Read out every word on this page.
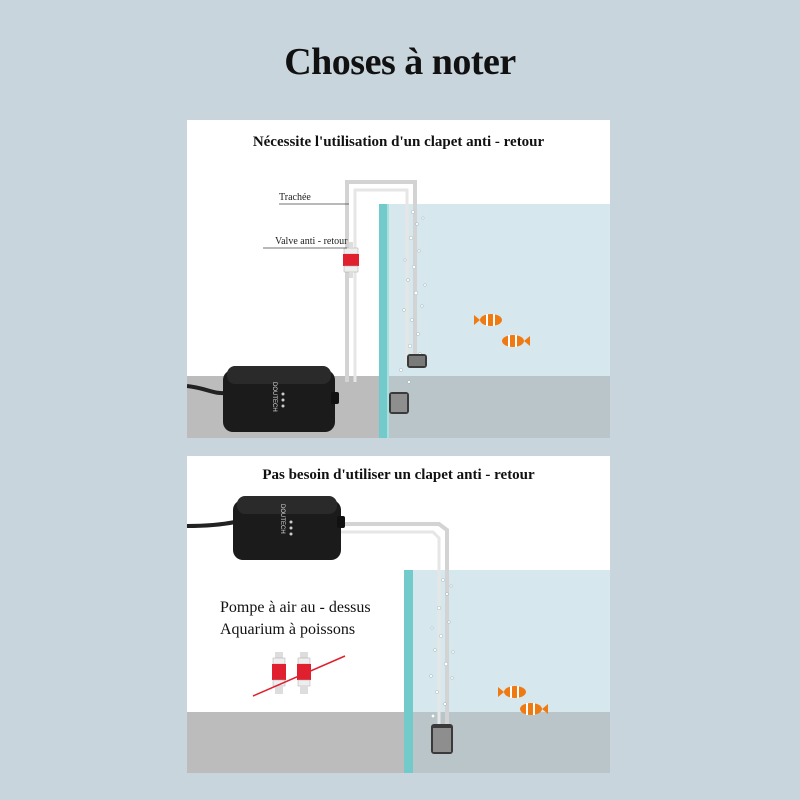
Choses à noter
DOUTECH
Nécessite l'utilisation d'un clapet anti - retour
Trachée
Valve anti - retour
DOUTECH
Pas besoin d'utiliser un clapet anti - retour
Pompe à air au - dessus
Aquarium à poissons
